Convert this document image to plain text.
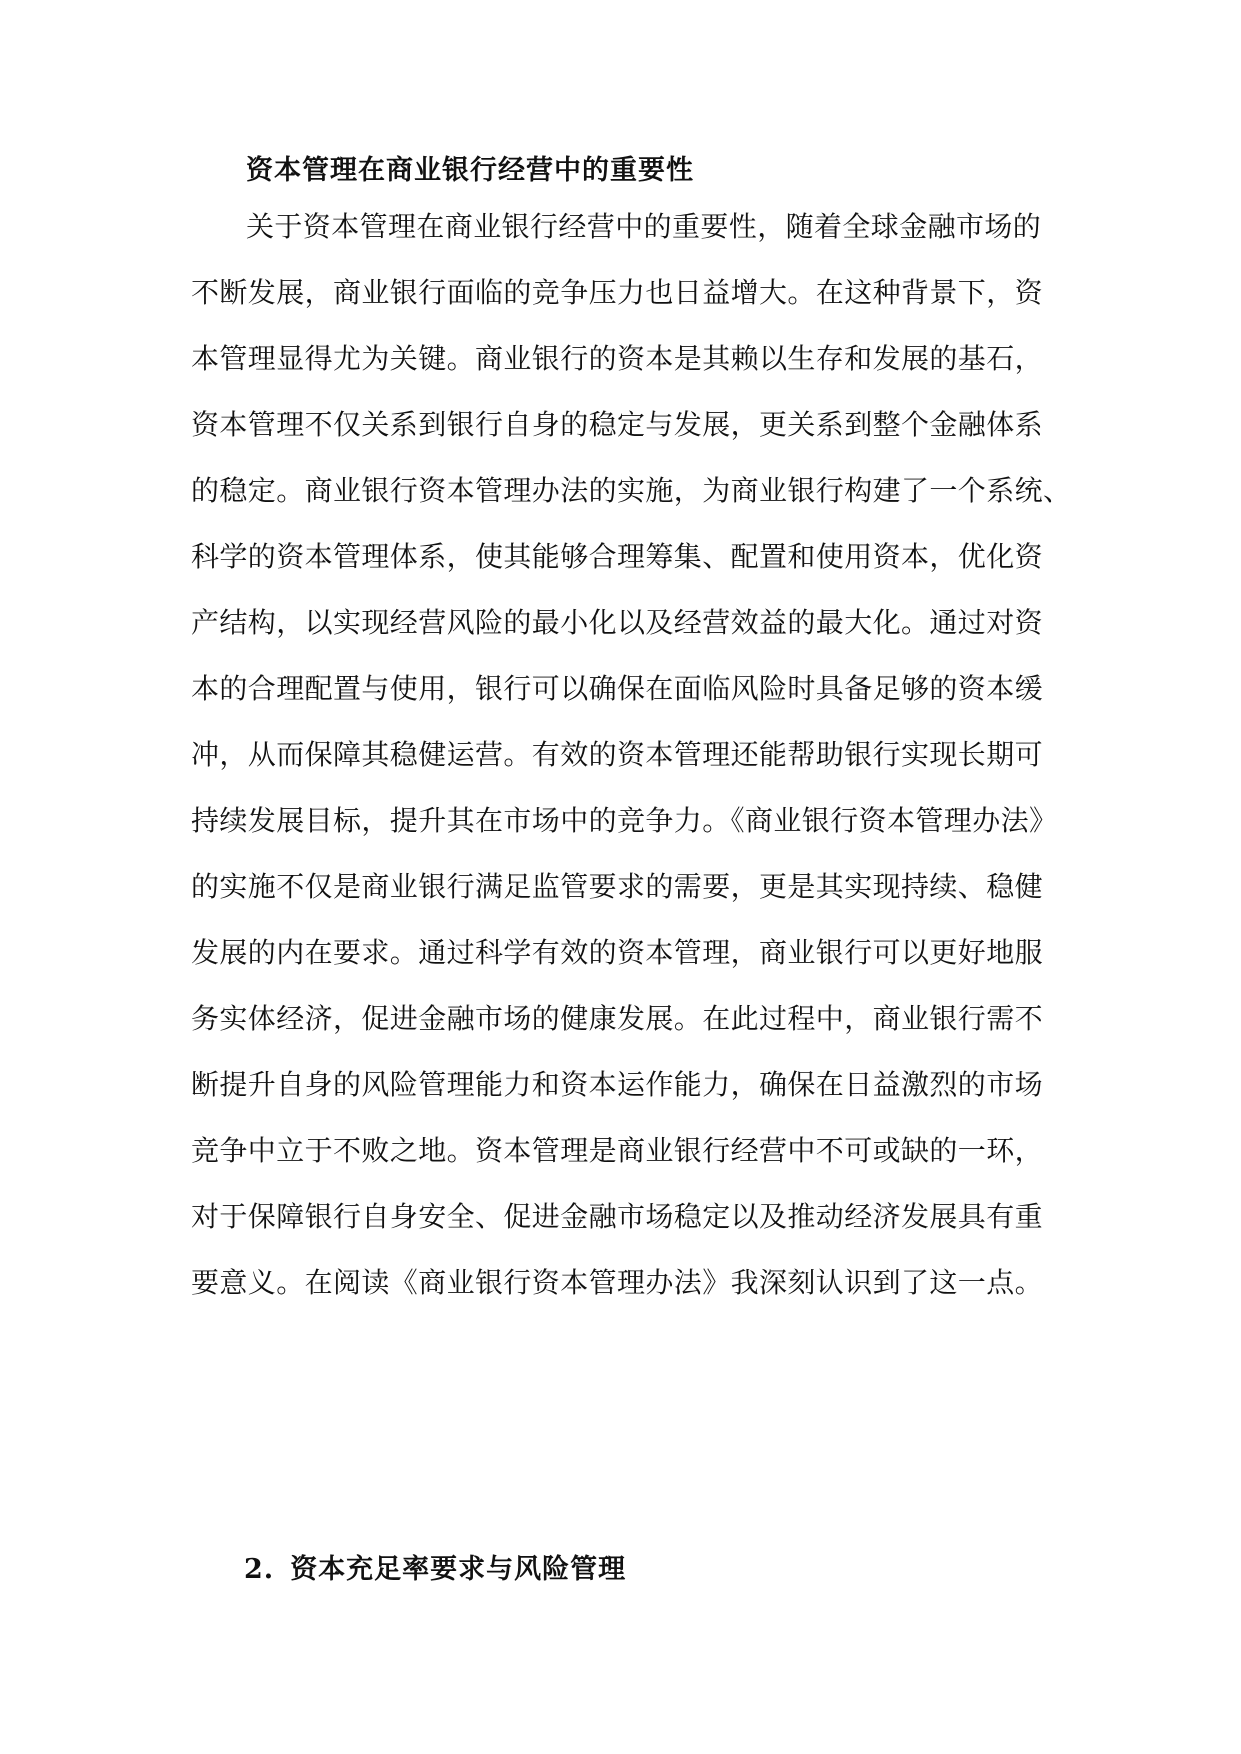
资本管理在商业银行经营中的重要性
关于资本管理在商业银行经营中的重要性，随着全球金融市场的
不断发展，商业银行面临的竞争压力也日益增大。在这种背景下，资
本管理显得尤为关键。商业银行的资本是其赖以生存和发展的基石，
资本管理不仅关系到银行自身的稳定与发展，更关系到整个金融体系
的稳定。商业银行资本管理办法的实施，为商业银行构建了一个系统、
科学的资本管理体系，使其能够合理筹集、配置和使用资本，优化资
产结构，以实现经营风险的最小化以及经营效益的最大化。通过对资
本的合理配置与使用，银行可以确保在面临风险时具备足够的资本缓
冲，从而保障其稳健运营。有效的资本管理还能帮助银行实现长期可
持续发展目标，提升其在市场中的竞争力。《商业银行资本管理办法》
的实施不仅是商业银行满足监管要求的需要，更是其实现持续、稳健
发展的内在要求。通过科学有效的资本管理，商业银行可以更好地服
务实体经济，促进金融市场的健康发展。在此过程中，商业银行需不
断提升自身的风险管理能力和资本运作能力，确保在日益激烈的市场
竞争中立于不败之地。资本管理是商业银行经营中不可或缺的一环，
对于保障银行自身安全、促进金融市场稳定以及推动经济发展具有重
要意义。在阅读《商业银行资本管理办法》我深刻认识到了这一点。
2. 资本充足率要求与风险管理
